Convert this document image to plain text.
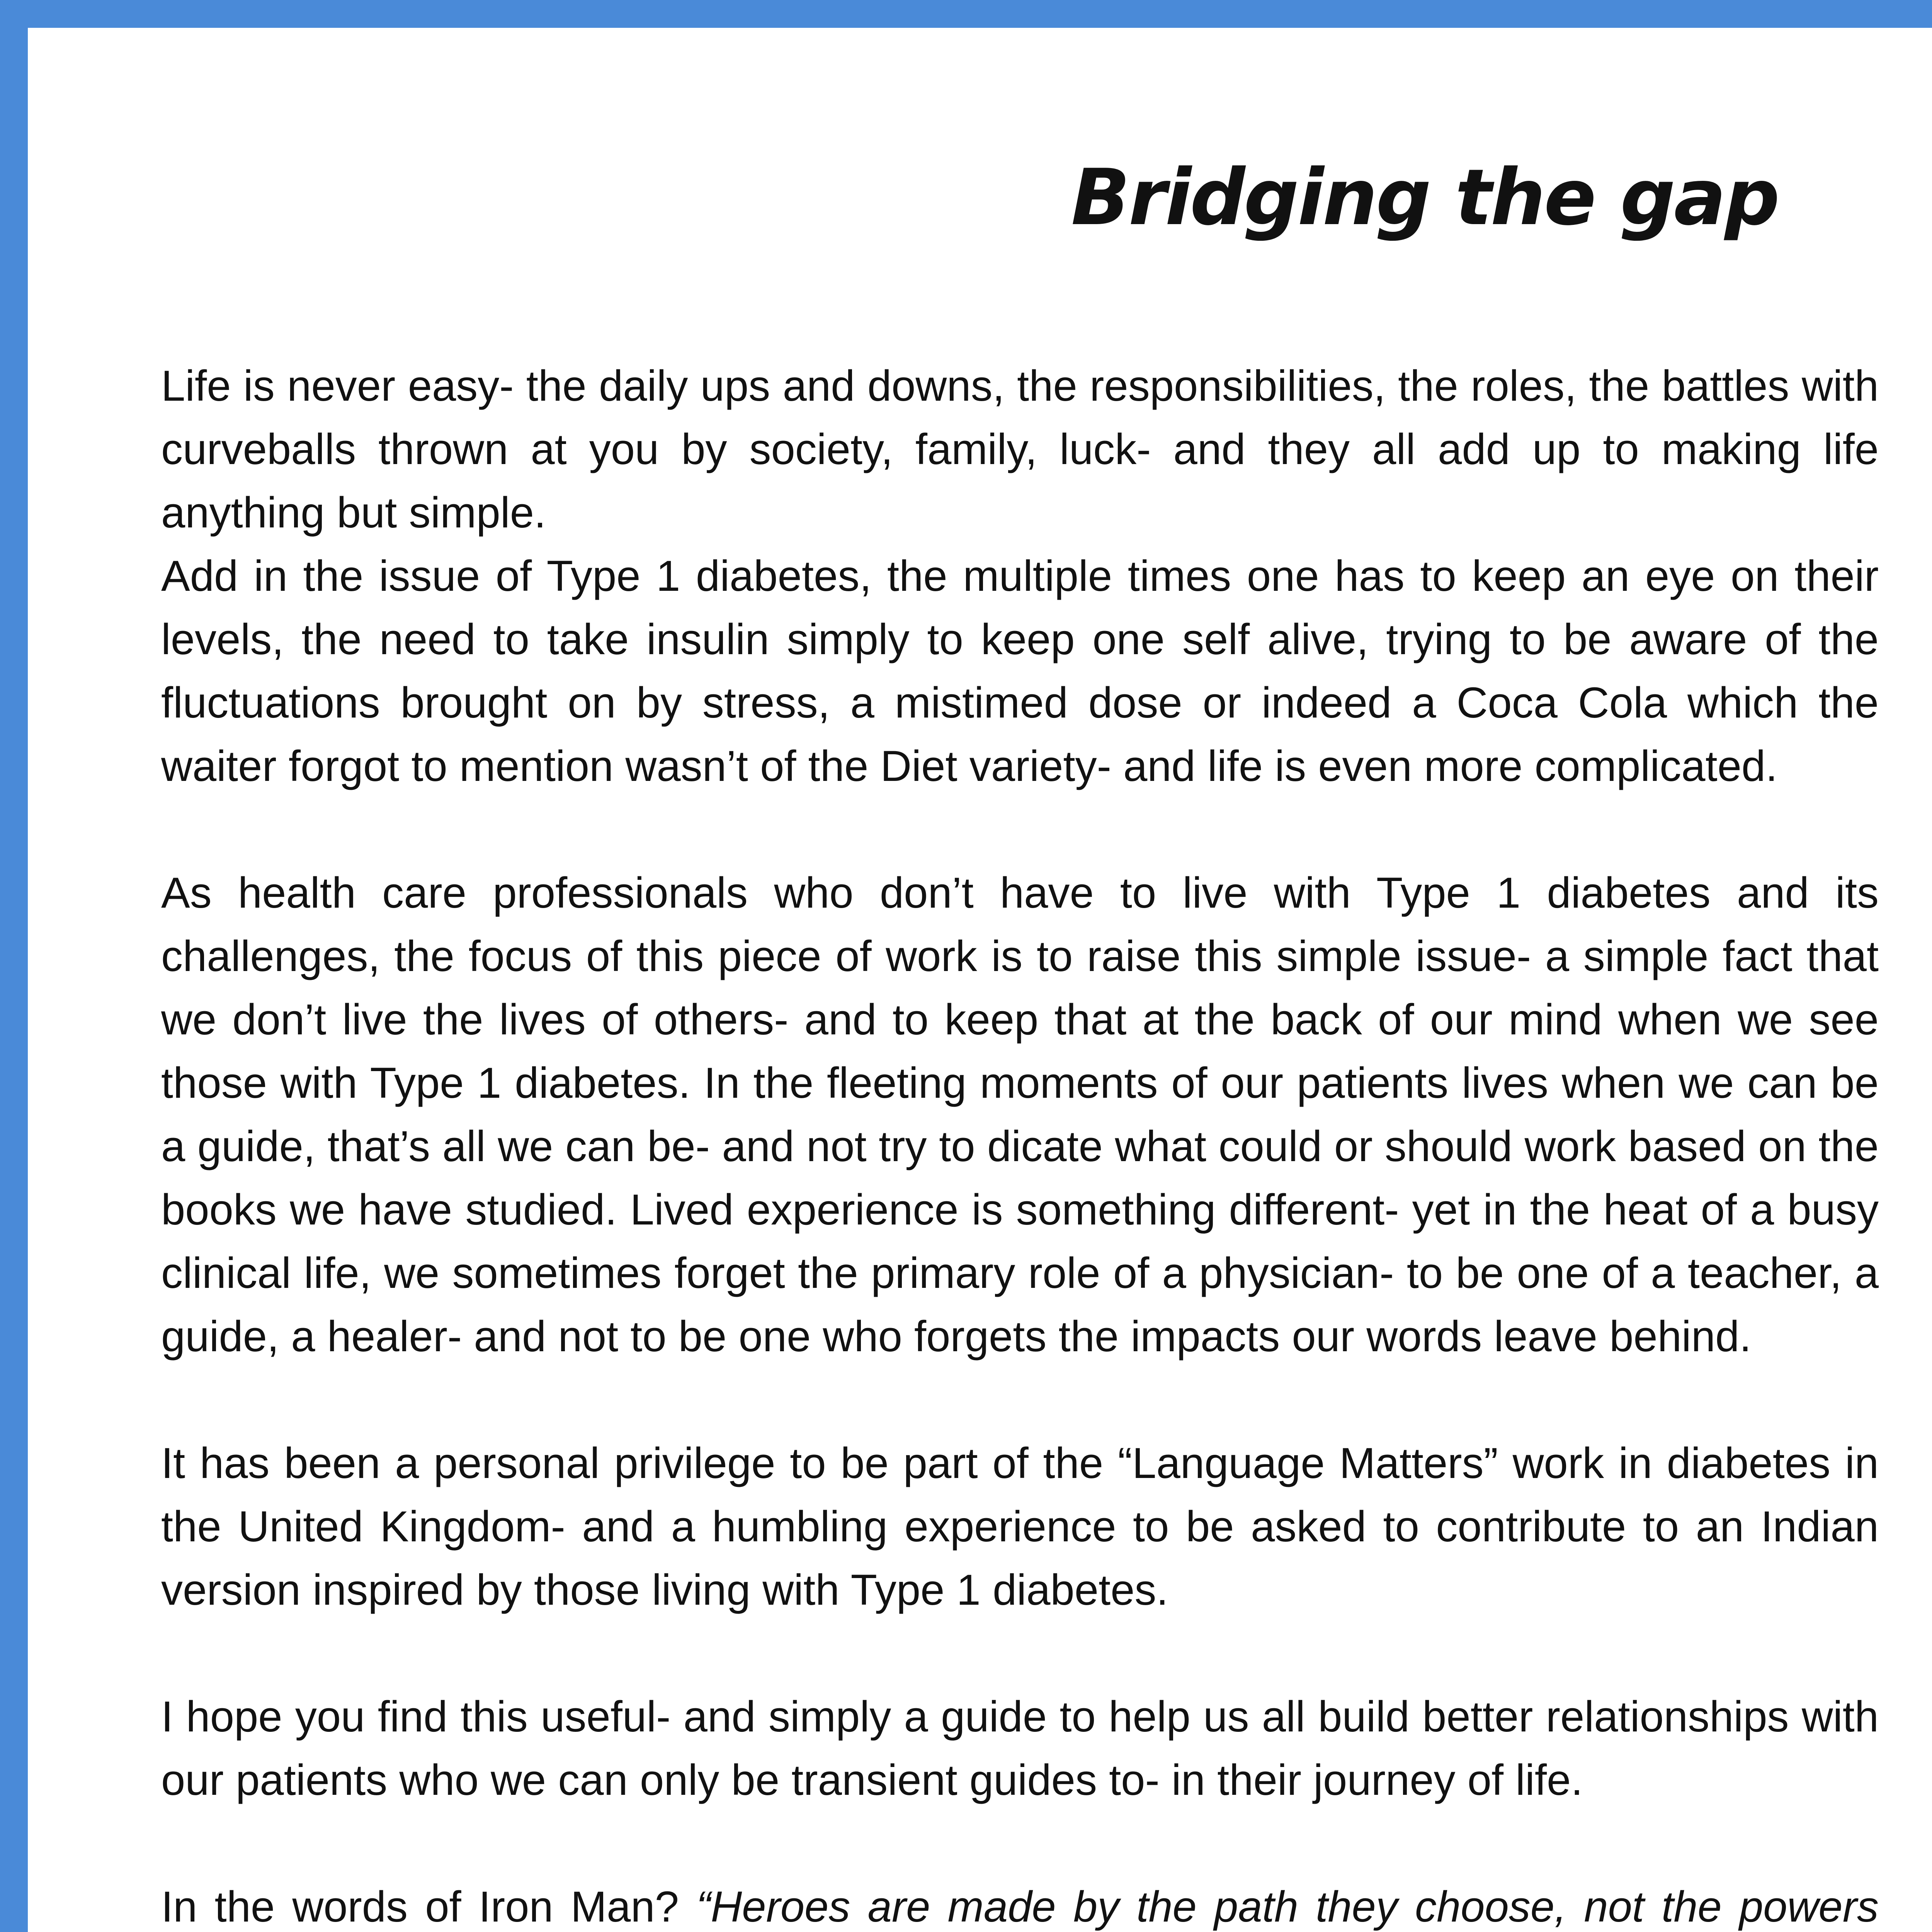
Bridging the gap

Life is never easy- the daily ups and downs, the responsibilities, the roles, the battles with curveballs thrown at you by society, family, luck- and they all add up to making life anything but simple.

Add in the issue of Type 1 diabetes, the multiple times one has to keep an eye on their levels, the need to take insulin simply to keep one self alive, trying to be aware of the fluctuations brought on by stress, a mistimed dose or indeed a Coca Cola which the waiter forgot to mention wasn’t of the Diet variety- and life is even more complicated.

As health care professionals who don’t have to live with Type 1 diabetes and its challenges, the focus of this piece of work is to raise this simple issue- a simple fact that we don’t live the lives of others- and to keep that at the back of our mind when we see those with Type 1 diabetes. In the fleeting moments of our patients lives when we can be a guide, that’s all we can be- and not try to dicate what could or should work based on the books we have studied. Lived experience is something different- yet in the heat of a busy clinical life, we sometimes forget the primary role of a physician- to be one of a teacher, a guide, a healer- and not to be one who forgets the impacts our words leave behind.

It has been a personal privilege to be part of the “Language Matters” work in diabetes in the United Kingdom- and a humbling experience to be asked to contribute to an Indian version inspired by those living with Type 1 diabetes.

I hope you find this useful- and simply a guide to help us all build better relationships with our patients who we can only be transient guides to- in their journey of life.

In the words of Iron Man? “Heroes are made by the path they choose, not the powers
